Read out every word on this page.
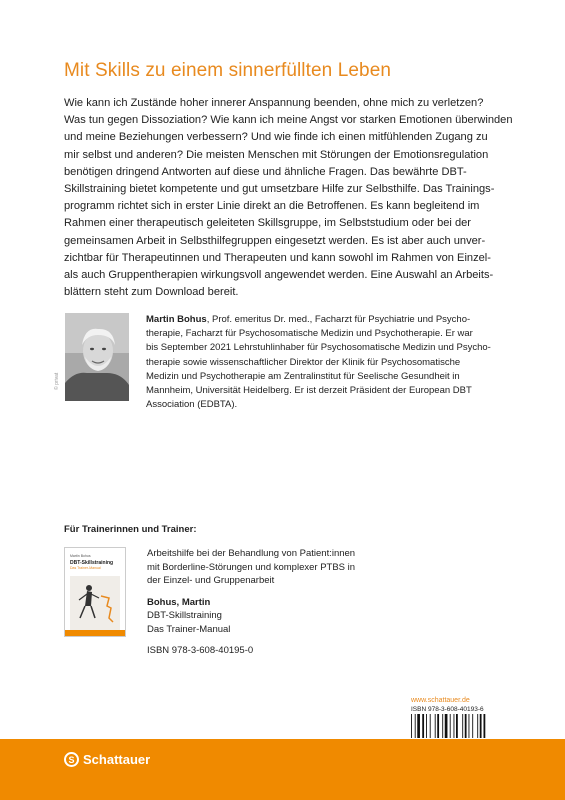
Mit Skills zu einem sinnerfüllten Leben
Wie kann ich Zustände hoher innerer Anspannung beenden, ohne mich zu verletzen?
Was tun gegen Dissoziation? Wie kann ich meine Angst vor starken Emotionen überwinden
und meine Beziehungen verbessern? Und wie finde ich einen mitfühlenden Zugang zu
mir selbst und anderen? Die meisten Menschen mit Störungen der Emotionsregulation
benötigen dringend Antworten auf diese und ähnliche Fragen. Das bewährte DBT-
Skillstraining bietet kompetente und gut umsetzbare Hilfe zur Selbsthilfe. Das Trainings-
programm richtet sich in erster Linie direkt an die Betroffenen. Es kann begleitend im
Rahmen einer therapeutisch geleiteten Skillsgruppe, im Selbststudium oder bei der
gemeinsamen Arbeit in Selbsthilfegruppen eingesetzt werden. Es ist aber auch unver-
zichtbar für Therapeutinnen und Therapeuten und kann sowohl im Rahmen von Einzel-
als auch Gruppentherapien wirkungsvoll angewendet werden. Eine Auswahl an Arbeits-
blättern steht zum Download bereit.
© privat
Martin Bohus, Prof. emeritus Dr. med., Facharzt für Psychiatrie und Psycho-
therapie, Facharzt für Psychosomatische Medizin und Psychotherapie. Er war
bis September 2021 Lehrstuhlinhaber für Psychosomatische Medizin und Psycho-
therapie sowie wissenschaftlicher Direktor der Klinik für Psychosomatische
Medizin und Psychotherapie am Zentralinstitut für Seelische Gesundheit in
Mannheim, Universität Heidelberg. Er ist derzeit Präsident der European DBT
Association (EDBTA).
Für Trainerinnen und Trainer:
Martin Bohus
DBT-Skillstraining
Das Trainer-Manual
Arbeitshilfe bei der Behandlung von Patient:innen
mit Borderline-Störungen und komplexer PTBS in
der Einzel- und Gruppenarbeit
Bohus, Martin
DBT-Skillstraining
Das Trainer-Manual
ISBN 978-3-608-40195-0
www.schattauer.de
ISBN 978-3-608-40193-6
S Schattauer
